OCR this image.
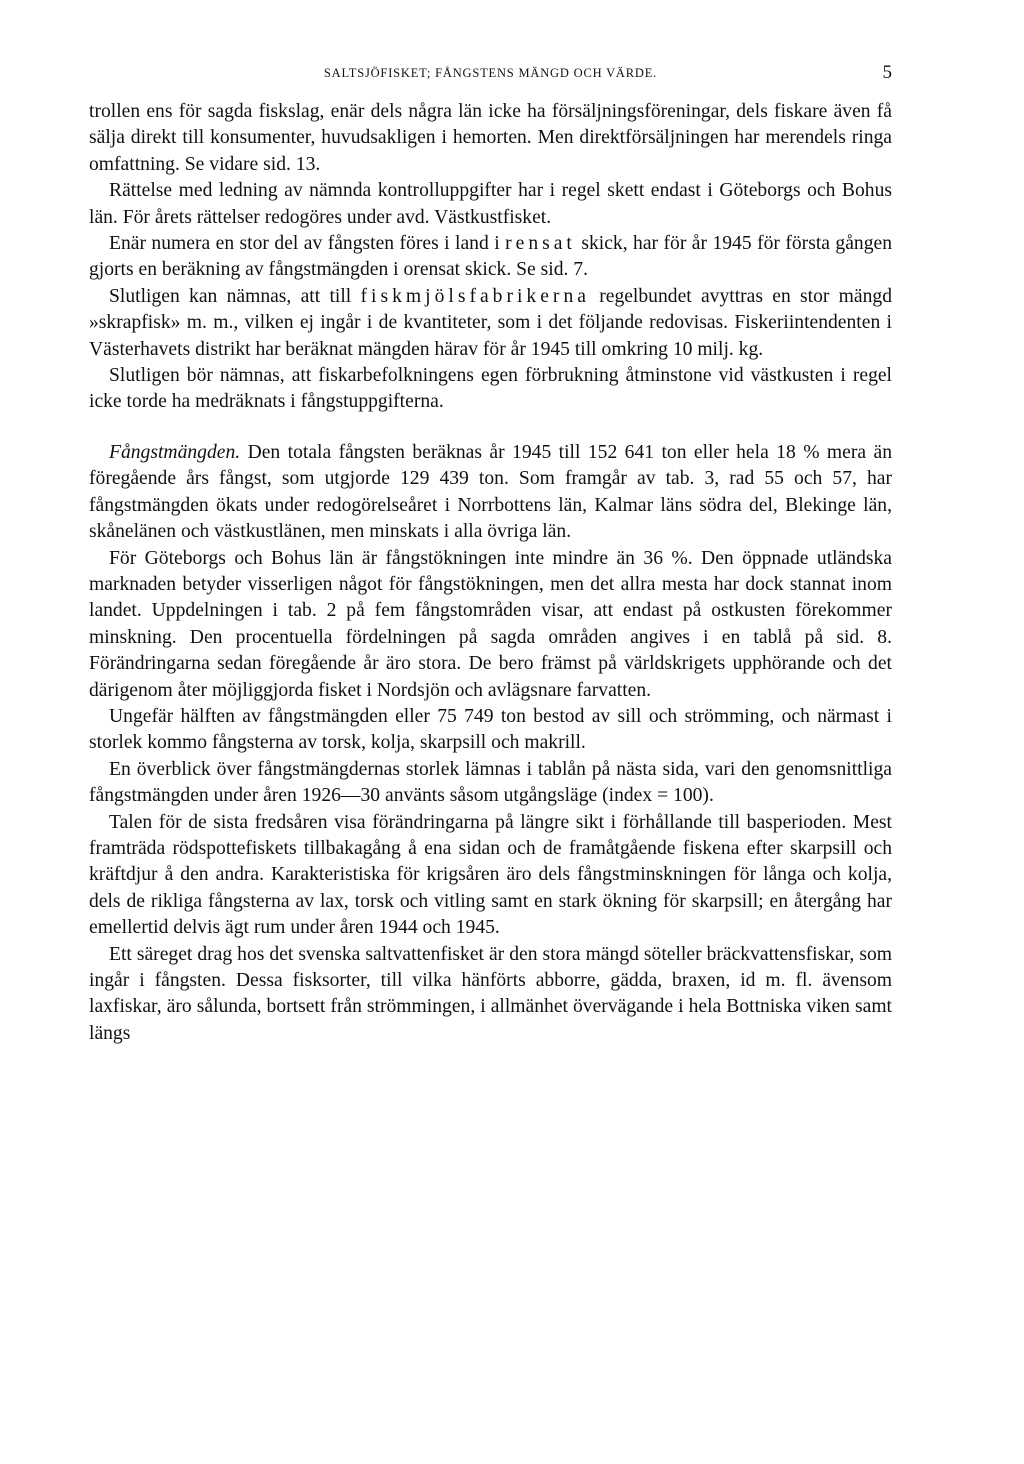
SALTSJÖFISKET; FÅNGSTENS MÄNGD OCH VÄRDE.	5

trollen ens för sagda fiskslag, enär dels några län icke ha försäljningsföreningar, dels fiskare även få sälja direkt till konsumenter, huvudsakligen i hemorten. Men direktförsäljningen har merendels ringa omfattning. Se vidare sid. 13.

Rättelse med ledning av nämnda kontrolluppgifter har i regel skett endast i Göteborgs och Bohus län. För årets rättelser redogöres under avd. Västkustfisket.

Enär numera en stor del av fångsten föres i land i rensat skick, har för år 1945 för första gången gjorts en beräkning av fångstmängden i orensat skick. Se sid. 7.

Slutligen kan nämnas, att till fiskmjölsfabrikerna regelbundet avyttras en stor mängd »skrapfisk» m. m., vilken ej ingår i de kvantiteter, som i det följande redovisas. Fiskeriintendenten i Västerhavets distrikt har beräknat mängden härav för år 1945 till omkring 10 milj. kg.

Slutligen bör nämnas, att fiskarbefolkningens egen förbrukning åtminstone vid västkusten i regel icke torde ha medräknats i fångstuppgifterna.

Fångstmängden. Den totala fångsten beräknas år 1945 till 152 641 ton eller hela 18 % mera än föregående års fångst, som utgjorde 129 439 ton. Som framgår av tab. 3, rad 55 och 57, har fångstmängden ökats under redogörelseåret i Norrbottens län, Kalmar läns södra del, Blekinge län, skånelänen och västkustlänen, men minskats i alla övriga län.

För Göteborgs och Bohus län är fångstökningen inte mindre än 36 %. Den öppnade utländska marknaden betyder visserligen något för fångstökningen, men det allra mesta har dock stannat inom landet. Uppdelningen i tab. 2 på fem fångstområden visar, att endast på ostkusten förekommer minskning. Den procentuella fördelningen på sagda områden angives i en tablå på sid. 8. Förändringarna sedan föregående år äro stora. De bero främst på världskrigets upphörande och det därigenom åter möjliggjorda fisket i Nordsjön och avlägsnare farvatten.

Ungefär hälften av fångstmängden eller 75 749 ton bestod av sill och strömming, och närmast i storlek kommo fångsterna av torsk, kolja, skarpsill och makrill.

En överblick över fångstmängdernas storlek lämnas i tablån på nästa sida, vari den genomsnittliga fångstmängden under åren 1926—30 använts såsom utgångsläge (index = 100).

Talen för de sista fredsåren visa förändringarna på längre sikt i förhållande till basperioden. Mest framträda rödspottefiskets tillbakagång å ena sidan och de framåtgående fiskena efter skarpsill och kräftdjur å den andra. Karakteristiska för krigsåren äro dels fångstminskningen för långa och kolja, dels de rikliga fångsterna av lax, torsk och vitling samt en stark ökning för skarpsill; en återgång har emellertid delvis ägt rum under åren 1944 och 1945.

Ett säreget drag hos det svenska saltvattenfisket är den stora mängd söteller bräckvattensfiskar, som ingår i fångsten. Dessa fisksorter, till vilka hänförts abborre, gädda, braxen, id m. fl. ävensom laxfiskar, äro sålunda, bortsett från strömmingen, i allmänhet övervägande i hela Bottniska viken samt längs
